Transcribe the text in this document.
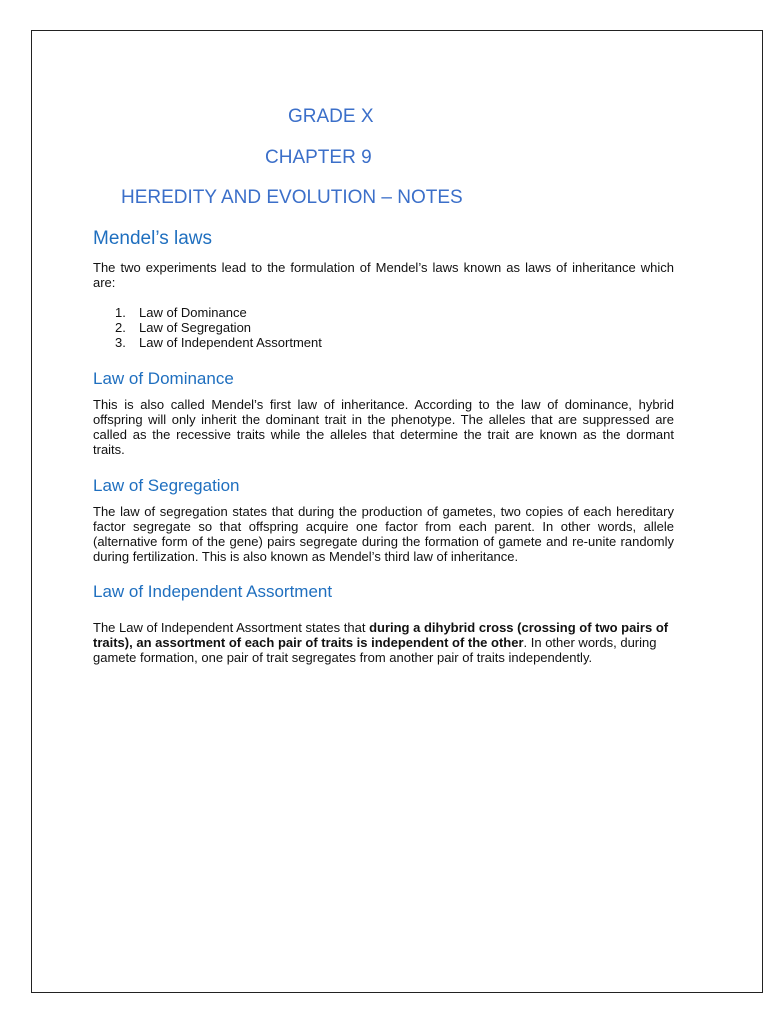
GRADE X
CHAPTER 9
HEREDITY AND EVOLUTION – NOTES
Mendel’s laws
The two experiments lead to the formulation of Mendel’s laws known as laws of inheritance which are:
1.	Law of Dominance
2.	Law of Segregation
3.	Law of Independent Assortment
Law of Dominance
This is also called Mendel’s first law of inheritance. According to the law of dominance, hybrid offspring will only inherit the dominant trait in the phenotype. The alleles that are suppressed are called as the recessive traits while the alleles that determine the trait are known as the dormant traits.
Law of Segregation
The law of segregation states that during the production of gametes, two copies of each hereditary factor segregate so that offspring acquire one factor from each parent. In other words, allele (alternative form of the gene) pairs segregate during the formation of gamete and re-unite randomly during fertilization. This is also known as Mendel’s third law of inheritance.
Law of Independent Assortment
The Law of Independent Assortment states that during a dihybrid cross (crossing of two pairs of traits), an assortment of each pair of traits is independent of the other. In other words, during gamete formation, one pair of trait segregates from another pair of traits independently.
